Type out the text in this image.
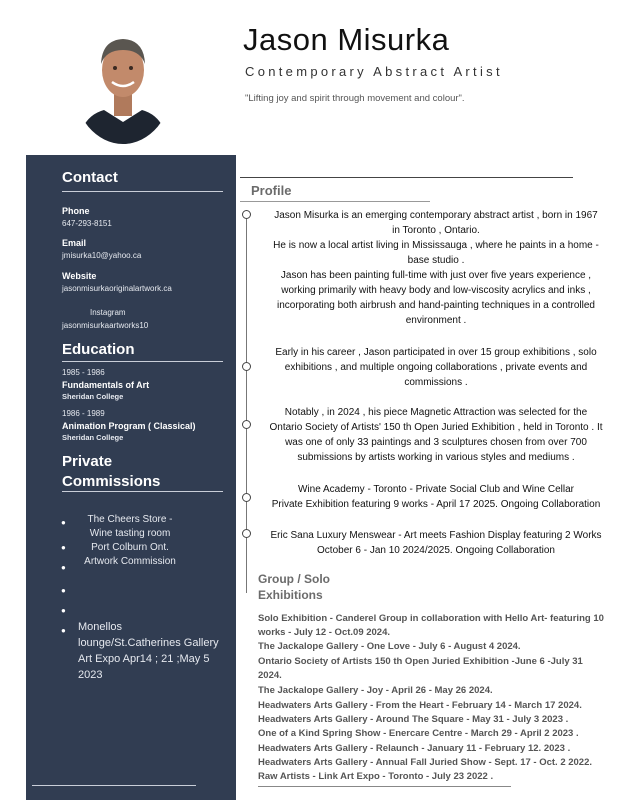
Jason Misurka
Contemporary Abstract Artist
"Lifting joy and spirit through movement and colour".
Contact
Phone
647-293-8151
Email
jmisurka10@yahoo.ca
Website
jasonmisurkaoriginalartwork.ca
Instagram
jasonmisurkaartworks10
Education
1985 - 1986
Fundamentals of Art
Sheridan College
1986 - 1989
Animation Program ( Classical)
Sheridan College
Private
Commissions
●
●
●
●
●
●
The Cheers Store -
Wine tasting room
Port Colburn Ont.
Artwork Commission
Monellos
lounge/St.Catherines Gallery
Art Expo Apr14 ; 21 ;May 5
2023
Profile
Jason Misurka is an emerging contemporary abstract artist , born in 1967
in Toronto , Ontario.
He is now a local artist living in Mississauga , where he paints in a home -
base studio .
Jason has been painting full-time with just over five years experience ,
working primarily with heavy body and low-viscosity acrylics and inks ,
incorporating both airbrush and hand-painting techniques in a controlled
environment .
Early in his career , Jason participated in over 15 group exhibitions , solo
exhibitions , and multiple ongoing collaborations , private events and
commissions .
Notably , in 2024 , his piece Magnetic Attraction was selected for the
Ontario Society of Artists' 150 th Open Juried Exhibition , held in Toronto . It
was one of only 33 paintings and 3 sculptures chosen from over 700
submissions by artists working in various styles and mediums .
Wine Academy - Toronto - Private Social Club and Wine Cellar
Private Exhibition featuring 9 works - April 17 2025. Ongoing Collaboration
Eric Sana Luxury Menswear - Art meets Fashion Display featuring 2 Works
October 6 - Jan 10 2024/2025. Ongoing Collaboration
Group / Solo
Exhibitions
Solo Exhibition - Canderel Group in collaboration with Hello Art- featuring 10
works - July 12 - Oct.09 2024.
The Jackalope Gallery - One Love - July 6 - August 4 2024.
Ontario Society of Artists 150 th Open Juried Exhibition -June 6 -July 31
2024.
The Jackalope Gallery - Joy - April 26 - May 26 2024.
Headwaters Arts Gallery - From the Heart - February 14 - March 17 2024.
Headwaters Arts Gallery - Around The Square - May 31 - July 3 2023 .
One of a Kind Spring Show - Enercare Centre - March 29 - April 2 2023 .
Headwaters Arts Gallery - Relaunch - January 11 - February 12. 2023 .
Headwaters Arts Gallery - Annual Fall Juried Show - Sept. 17 - Oct. 2 2022.
Raw Artists - Link Art Expo - Toronto - July 23 2022 .
